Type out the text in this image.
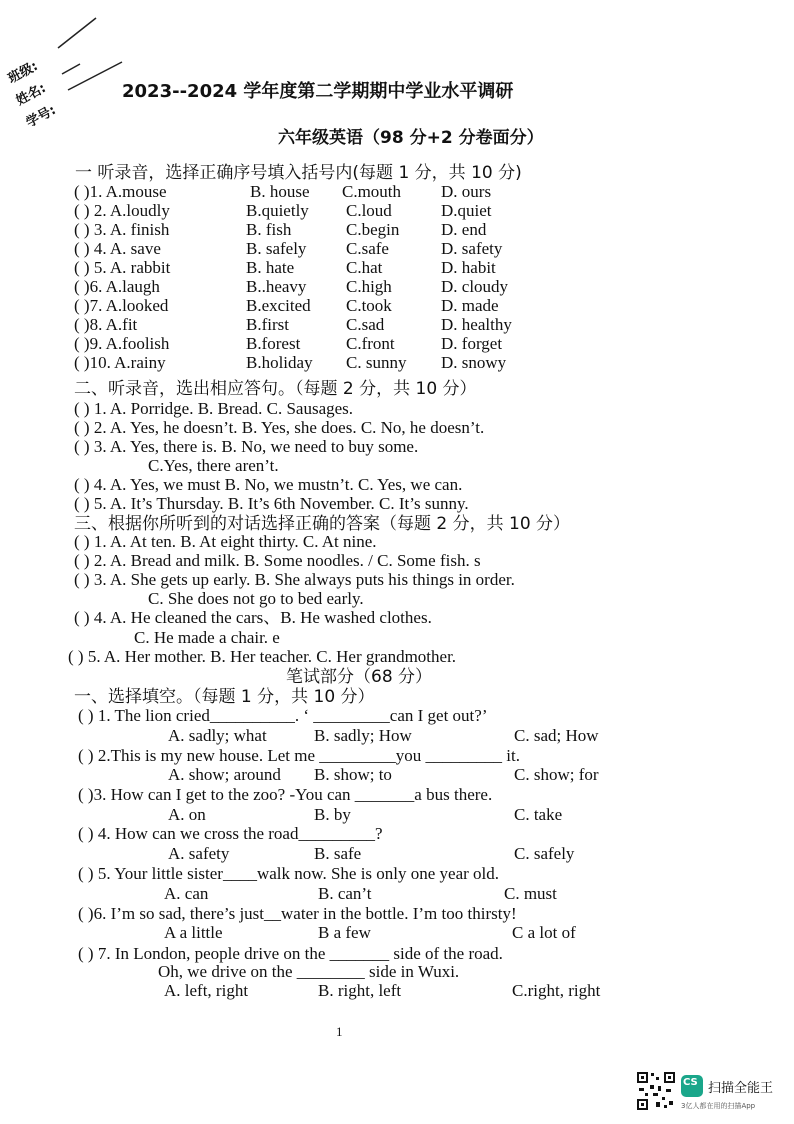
班级:
姓名:
学号:
2023--2024 学年度第二学期期中学业水平调研
六年级英语（98 分+2 分卷面分）
一 听录音，选择正确序号填入括号内(每题 1 分，共 10 分)
( )1. A.mouse	B. house C.mouth D. ours
( ) 2. A.loudly	B.quietly C.loud	D.quiet
( ) 3. A. finish	B. fish	C.begin D. end
( ) 4. A. save	B. safely C.safe	D. safety
( ) 5. A. rabbit	B. hate	C.hat	D. habit
( )6. A.laugh	B..heavy C.high	D. cloudy
( )7. A.looked	B.excited C.took	D. made
( )8. A.fit	B.first	C.sad	D. healthy
( )9. A.foolish	B.forest	C.front	D. forget
( )10. A.rainy	B.holiday C. sunny D. snowy
二、听录音，选出相应答句。（每题 2 分，共 10 分）
( ) 1. A. Porridge. B. Bread. C. Sausages.
( ) 2. A. Yes, he doesn’t. B. Yes, she does. C. No, he doesn’t.
( ) 3. A. Yes, there is. B. No, we need to buy some.
C.Yes, there aren’t.
( ) 4. A. Yes, we must B. No, we mustn’t. C. Yes, we can.
( ) 5. A. It’s Thursday. B. It’s 6th November. C. It’s sunny.
三、根据你所听到的对话选择正确的答案（每题 2 分，共 10 分）
( ) 1. A. At ten. B. At eight thirty. C. At nine.
( ) 2. A. Bread and milk. B. Some noodles. / C. Some fish. s
( ) 3. A. She gets up early. B. She always puts his things in order.
C. She does not go to bed early.
( ) 4. A. He cleaned the cars、B. He washed clothes.
C. He made a chair. e
( ) 5. A. Her mother. B. Her teacher. C. Her grandmother.
笔试部分（68 分）
一、选择填空。（每题 1 分，共 10 分）
( ) 1. The lion cried__________. ‘ _________can I get out?’
A. sadly; what	B. sadly; How	C. sad; How
( ) 2.This is my new house. Let me _________you _________ it.
A. show; around B. show; to	C. show; for
( )3. How can I get to the zoo? -You can _______a bus there.
A. on	B. by	C. take
( ) 4. How can we cross the road_________?
A. safety	B. safe	C. safely
( ) 5. Your little sister____walk now. She is only one year old.
A. can	B. can’t	C. must
( )6. I’m so sad, there’s just__water in the bottle. I’m too thirsty!
A a little	B a few	C a lot of
( ) 7. In London, people drive on the _______ side of the road.
Oh, we drive on the ________ side in Wuxi.
A. left, right	B. right, left	C.right, right
1
CS 扫描全能王
3亿人都在用的扫描App
